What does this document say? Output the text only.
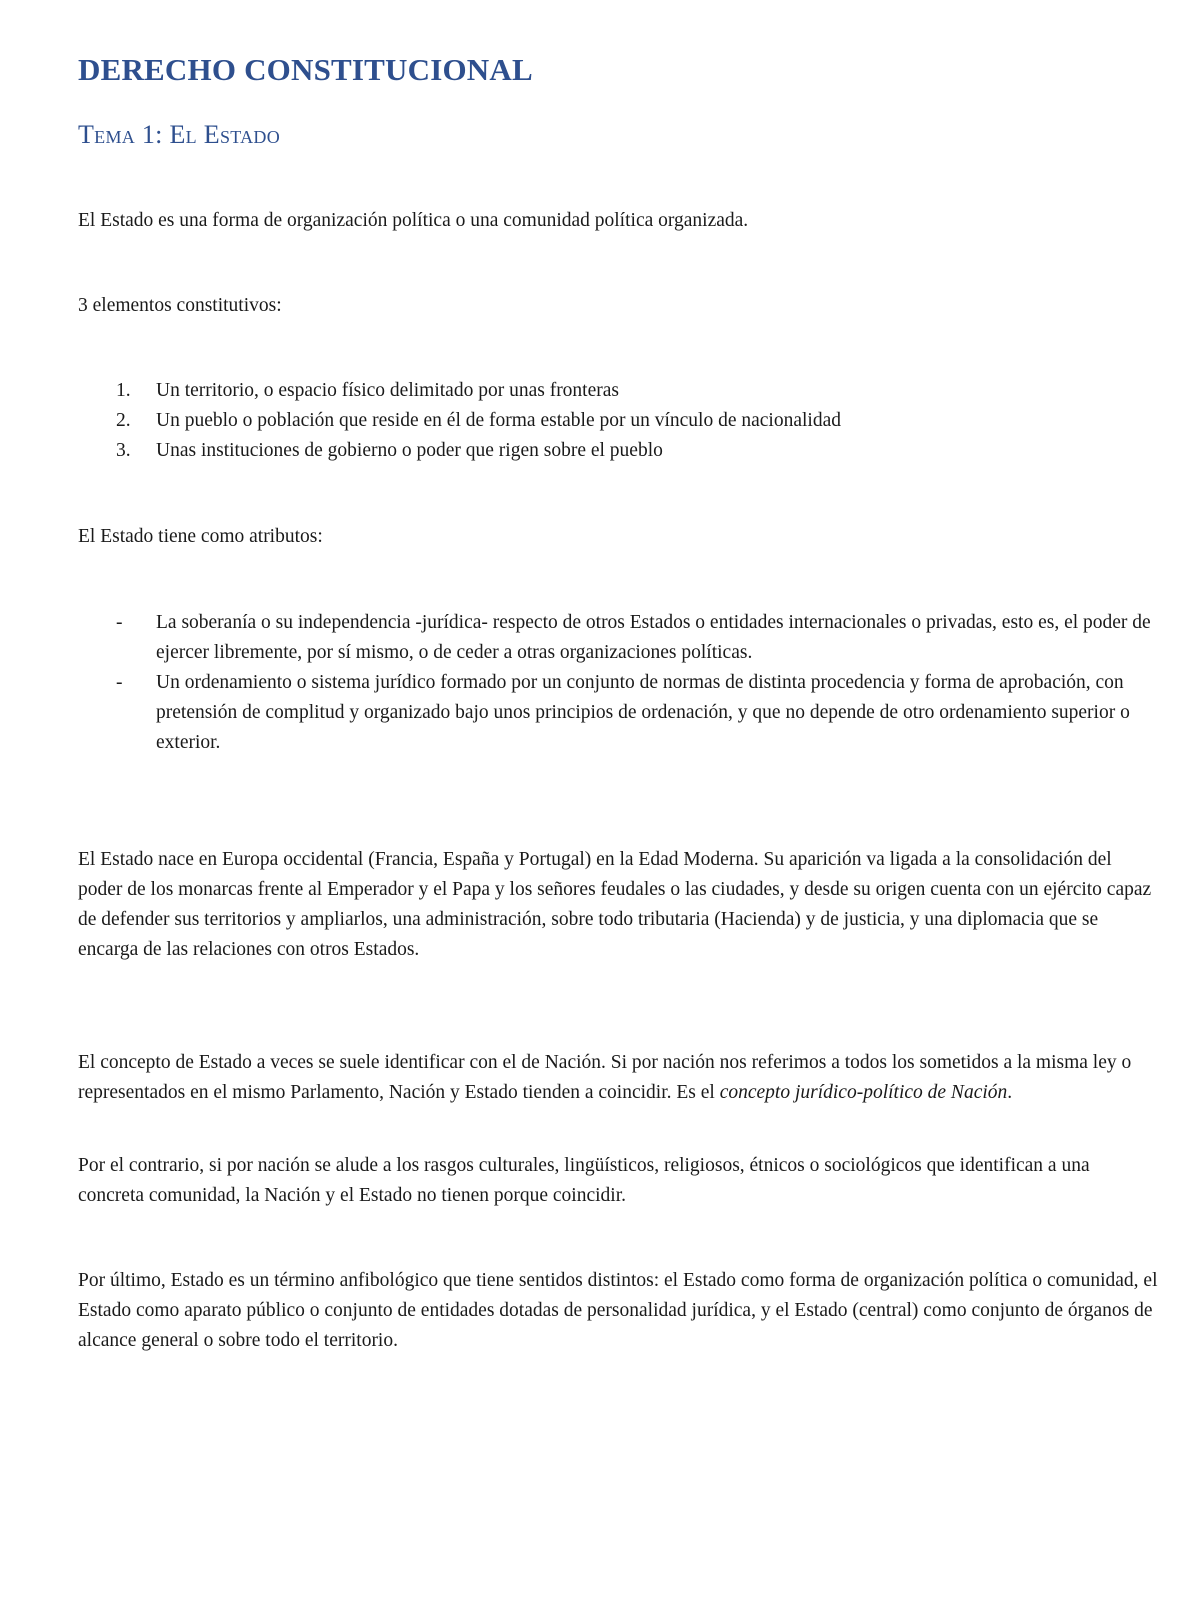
DERECHO CONSTITUCIONAL
Tema 1: El Estado
El Estado es una forma de organización política o una comunidad política organizada.
3 elementos constitutivos:
1. Un territorio, o espacio físico delimitado por unas fronteras
2. Un pueblo o población que reside en él de forma estable por un vínculo de nacionalidad
3. Unas instituciones de gobierno o poder que rigen sobre el pueblo
El Estado tiene como atributos:
- La soberanía o su independencia -jurídica- respecto de otros Estados o entidades internacionales o privadas, esto es, el poder de ejercer libremente, por sí mismo, o de ceder a otras organizaciones políticas.
- Un ordenamiento o sistema jurídico formado por un conjunto de normas de distinta procedencia y forma de aprobación, con pretensión de complitud y organizado bajo unos principios de ordenación, y que no depende de otro ordenamiento superior o exterior.
El Estado nace en Europa occidental (Francia, España y Portugal) en la Edad Moderna. Su aparición va ligada a la consolidación del poder de los monarcas frente al Emperador y el Papa y los señores feudales o las ciudades, y desde su origen cuenta con un ejército capaz de defender sus territorios y ampliarlos, una administración, sobre todo tributaria (Hacienda) y de justicia, y una diplomacia que se encarga de las relaciones con otros Estados.
El concepto de Estado a veces se suele identificar con el de Nación. Si por nación nos referimos a todos los sometidos a la misma ley o representados en el mismo Parlamento, Nación y Estado tienden a coincidir. Es el concepto jurídico-político de Nación.
Por el contrario, si por nación se alude a los rasgos culturales, lingüísticos, religiosos, étnicos o sociológicos que identifican a una concreta comunidad, la Nación y el Estado no tienen porque coincidir.
Por último, Estado es un término anfibológico que tiene sentidos distintos: el Estado como forma de organización política o comunidad, el Estado como aparato público o conjunto de entidades dotadas de personalidad jurídica, y el Estado (central) como conjunto de órganos de alcance general o sobre todo el territorio.
